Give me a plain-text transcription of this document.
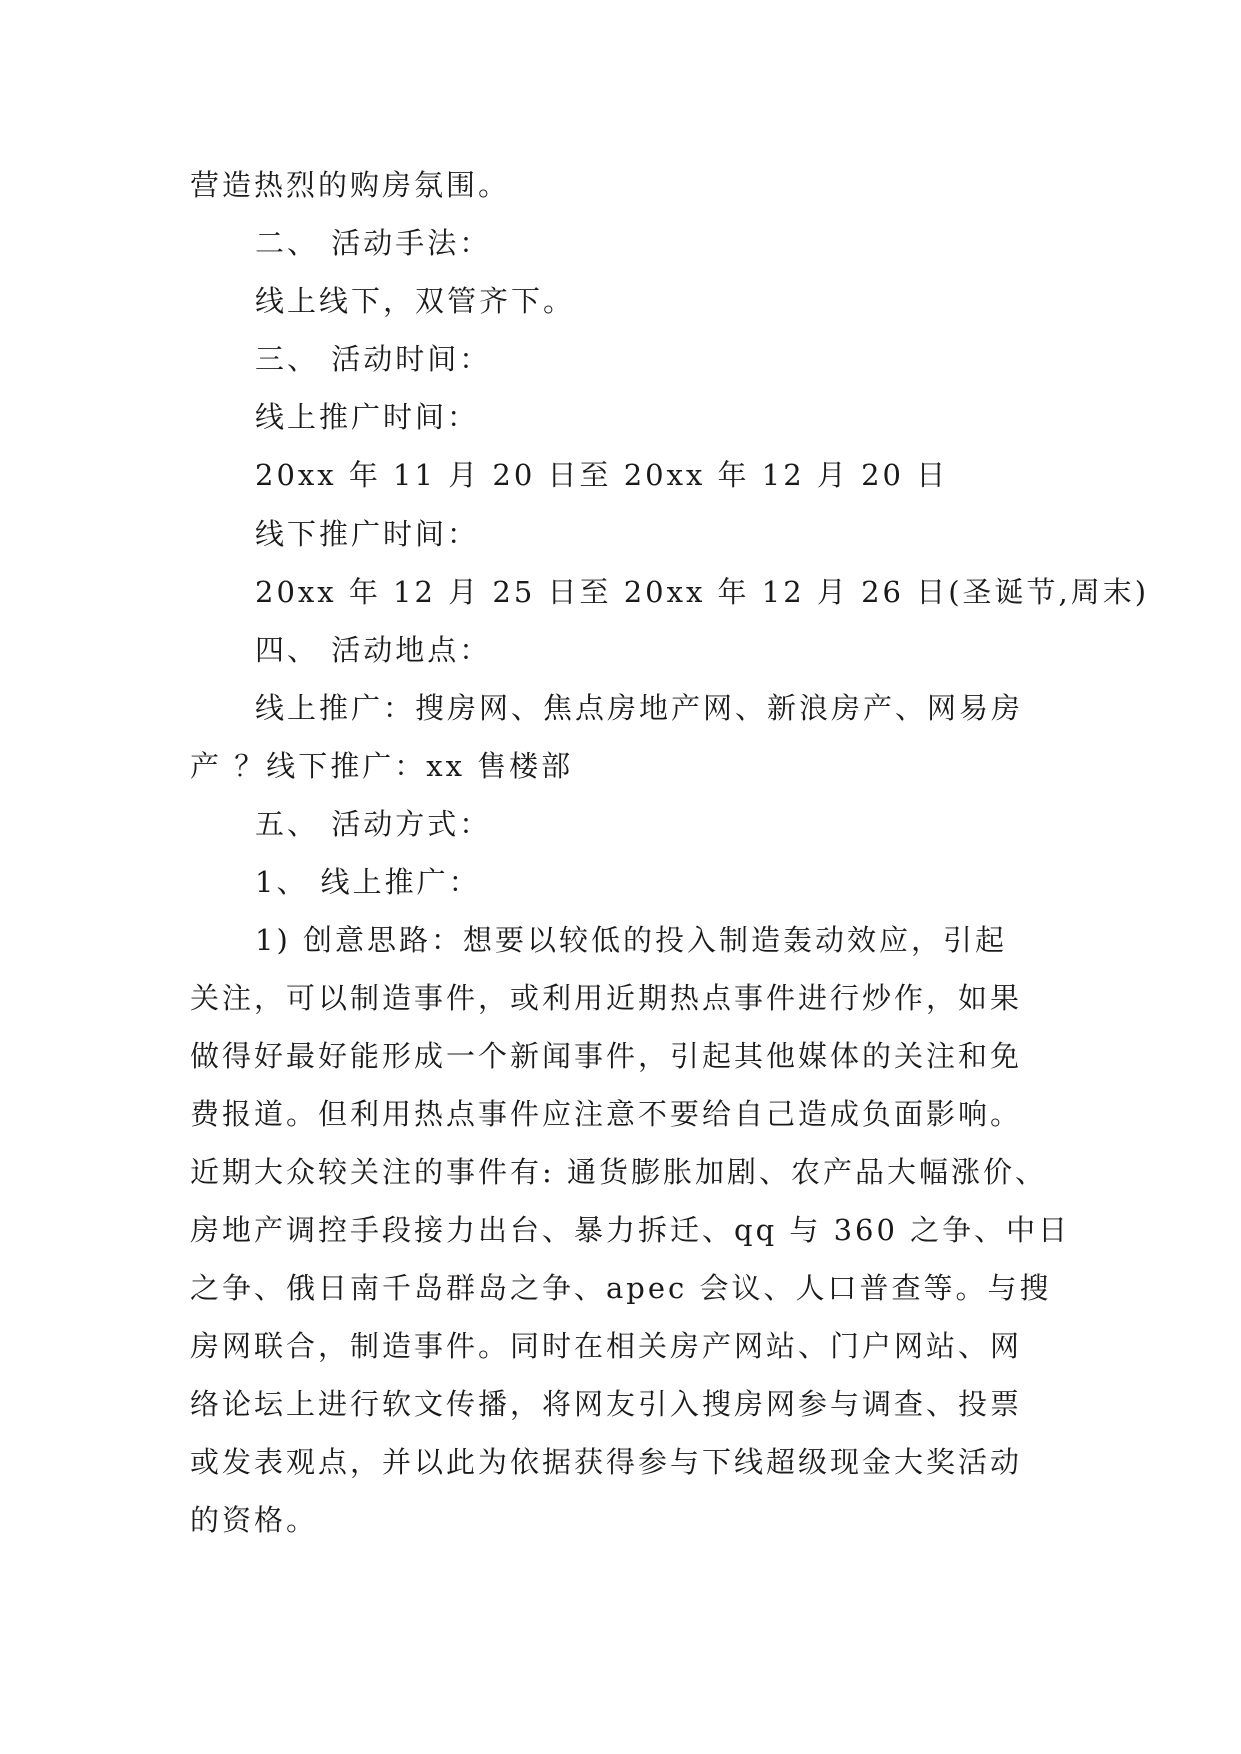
营造热烈的购房氛围。
二、 活动手法：
线上线下，双管齐下。
三、 活动时间：
线上推广时间：
20xx 年 11 月 20 日至 20xx 年 12 月 20 日
线下推广时间：
20xx 年 12 月 25 日至 20xx 年 12 月 26 日(圣诞节,周末)
四、 活动地点：
线上推广：搜房网、焦点房地产网、新浪房产、网易房
产 ？线下推广：xx 售楼部
五、 活动方式：
1、 线上推广：
1) 创意思路：想要以较低的投入制造轰动效应，引起
关注，可以制造事件，或利用近期热点事件进行炒作，如果
做得好最好能形成一个新闻事件，引起其他媒体的关注和免
费报道。但利用热点事件应注意不要给自己造成负面影响。
近期大众较关注的事件有: 通货膨胀加剧、农产品大幅涨价、
房地产调控手段接力出台、暴力拆迁、qq 与 360 之争、中日
之争、俄日南千岛群岛之争、apec 会议、人口普查等。与搜
房网联合，制造事件。同时在相关房产网站、门户网站、网
络论坛上进行软文传播，将网友引入搜房网参与调查、投票
或发表观点，并以此为依据获得参与下线超级现金大奖活动
的资格。
